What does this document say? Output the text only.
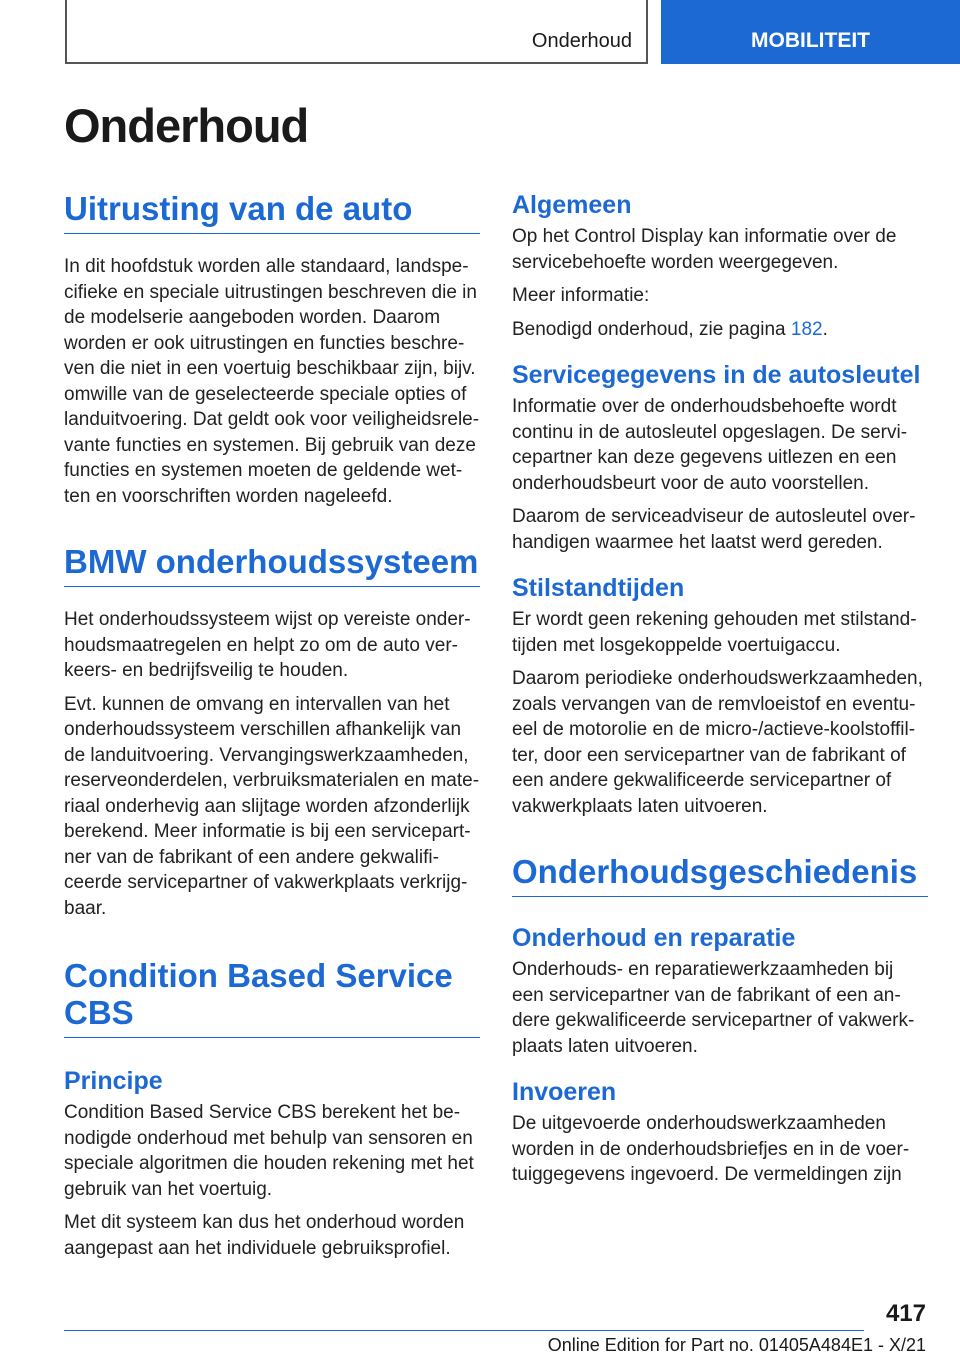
Onderhoud	MOBILITEIT
Onderhoud
Uitrusting van de auto

In dit hoofdstuk worden alle standaard, landspe-cifieke en speciale uitrustingen beschreven die in de modelserie aangeboden worden. Daarom worden er ook uitrustingen en functies beschre-ven die niet in een voertuig beschikbaar zijn, bijv. omwille van de geselecteerde speciale opties of landuitvoering. Dat geldt ook voor veiligheidsrele-vante functies en systemen. Bij gebruik van deze functies en systemen moeten de geldende wet-ten en voorschriften worden nageleefd.

BMW onderhoudssysteem

Het onderhoudssysteem wijst op vereiste onder-houdsmaatregelen en helpt zo om de auto ver-keers- en bedrijfsveilig te houden.

Evt. kunnen de omvang en intervallen van het onderhoudssysteem verschillen afhankelijk van de landuitvoering. Vervangingswerkzaamheden, reserveonderdelen, verbruiksmaterialen en mate-riaal onderhevig aan slijtage worden afzonderlijk berekend. Meer informatie is bij een servicepart-ner van de fabrikant of een andere gekwalifi-ceerde servicepartner of vakwerkplaats verkrijg-baar.

Condition Based Service CBS
Principe

Condition Based Service CBS berekent het be-nodigde onderhoud met behulp van sensoren en speciale algoritmen die houden rekening met het gebruik van het voertuig.

Met dit systeem kan dus het onderhoud worden aangepast aan het individuele gebruiksprofiel.

Algemeen

Op het Control Display kan informatie over de servicebehoefte worden weergegeven.

Meer informatie:

Benodigd onderhoud, zie pagina 182.

Servicegegevens in de autosleutel

Informatie over de onderhoudsbehoefte wordt continu in de autosleutel opgeslagen. De servi-cepartner kan deze gegevens uitlezen en een onderhoudsbeurt voor de auto voorstellen.

Daarom de serviceadviseur de autosleutel over-handigen waarmee het laatst werd gereden.

Stilstandtijden

Er wordt geen rekening gehouden met stilstand-tijden met losgekoppelde voertuigaccu.

Daarom periodieke onderhoudswerkzaamheden, zoals vervangen van de remvloeistof en eventu-eel de motorolie en de micro-/actieve-koolstoffil-ter, door een servicepartner van de fabrikant of een andere gekwalificeerde servicepartner of vakwerkplaats laten uitvoeren.

Onderhoudsgeschiedenis
Onderhoud en reparatie

Onderhouds- en reparatiewerkzaamheden bij een servicepartner van de fabrikant of een an-dere gekwalificeerde servicepartner of vakwerk-plaats laten uitvoeren.

Invoeren

De uitgevoerde onderhoudswerkzaamheden worden in de onderhoudsbriefjes en in de voer-tuiggegevens ingevoerd. De vermeldingen zijn

417
Online Edition for Part no. 01405A484E1 - X/21
